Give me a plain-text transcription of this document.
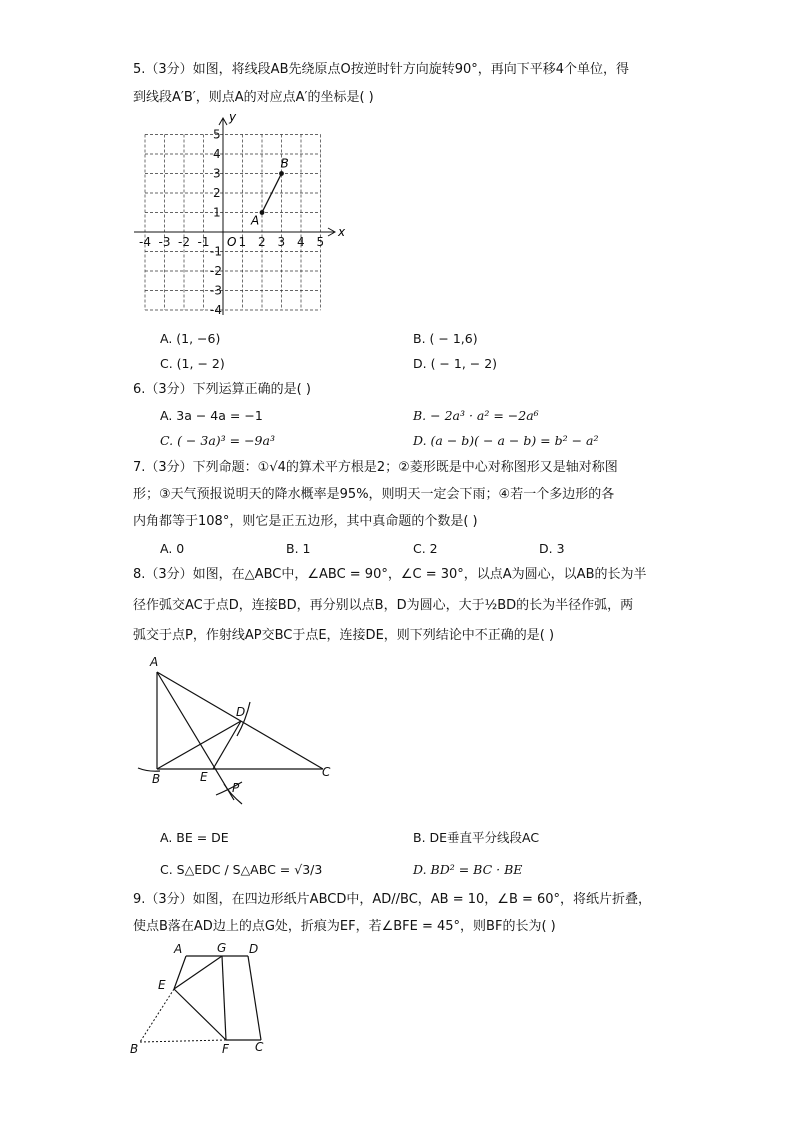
5.（3分）如图，将线段AB先绕原点O按逆时针方向旋转90°，再向下平移4个单位，得
到线段A′B′，则点A的对应点A′的坐标是( )
-4 -3 -2 -1 1 2 3 4 5
5
4
3
2
1
-1
-2
-3
-4
x
y
O
A
B
A. (1, −6)	B. ( − 1,6)
C. (1, − 2)	D. ( − 1, − 2)
6.（3分）下列运算正确的是( )
A. 3a − 4a = −1	B. − 2a³ · a² = −2a⁶
C. ( − 3a)³ = −9a³	D. (a − b)( − a − b) = b² − a²
7.（3分）下列命题：①√4的算术平方根是2；②菱形既是中心对称图形又是轴对称图
形；③天气预报说明天的降水概率是95%，则明天一定会下雨；④若一个多边形的各
内角都等于108°，则它是正五边形，其中真命题的个数是( )
A. 0	B. 1	C. 2	D. 3
8.（3分）如图，在△ABC中，∠ABC = 90°，∠C = 30°，以点A为圆心，以AB的长为半
径作弧交AC于点D，连接BD，再分别以点B，D为圆心，大于½BD的长为半径作弧，两
弧交于点P，作射线AP交BC于点E，连接DE，则下列结论中不正确的是( )
A
B	C
D
E
P
A. BE = DE	B. DE垂直平分线段AC
C. S△EDC / S△ABC = √3/3	D. BD² = BC · BE
9.（3分）如图，在四边形纸片ABCD中，AD//BC，AB = 10，∠B = 60°，将纸片折叠，
使点B落在AD边上的点G处，折痕为EF，若∠BFE = 45°，则BF的长为( )
A	G D
E
B	F C
